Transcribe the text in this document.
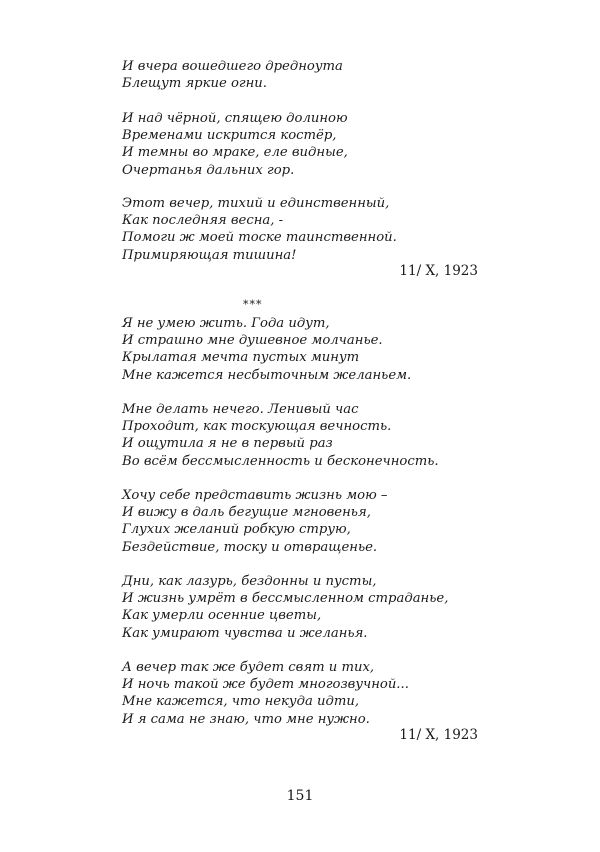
И вчера вошедшего дредноута
Блещут яркие огни.
И над чёрной, спящею долиною
Временами искрится костёр,
И темны во мраке, еле видные,
Очертанья дальних гор.
Этот вечер, тихий и единственный,
Как последняя весна, -
Помоги ж моей тоске таинственной.
Примиряющая тишина!
11/ X, 1923
***
Я не умею жить. Года идут,
И страшно мне душевное молчанье.
Крылатая мечта пустых минут
Мне кажется несбыточным желаньем.
Мне делать нечего. Ленивый час
Проходит, как тоскующая вечность.
И ощутила я не в первый раз
Во всём бессмысленность и бесконечность.
Хочу себе представить жизнь мою –
И вижу в даль бегущие мгновенья,
Глухих желаний робкую струю,
Бездействие, тоску и отвращенье.
Дни, как лазурь, бездонны и пусты,
И жизнь умрёт в бессмысленном страданье,
Как умерли осенние цветы,
Как умирают чувства и желанья.
А вечер так же будет свят и тих,
И ночь такой же будет многозвучной...
Мне кажется, что некуда идти,
И я сама не знаю, что мне нужно.
11/ X, 1923
151
